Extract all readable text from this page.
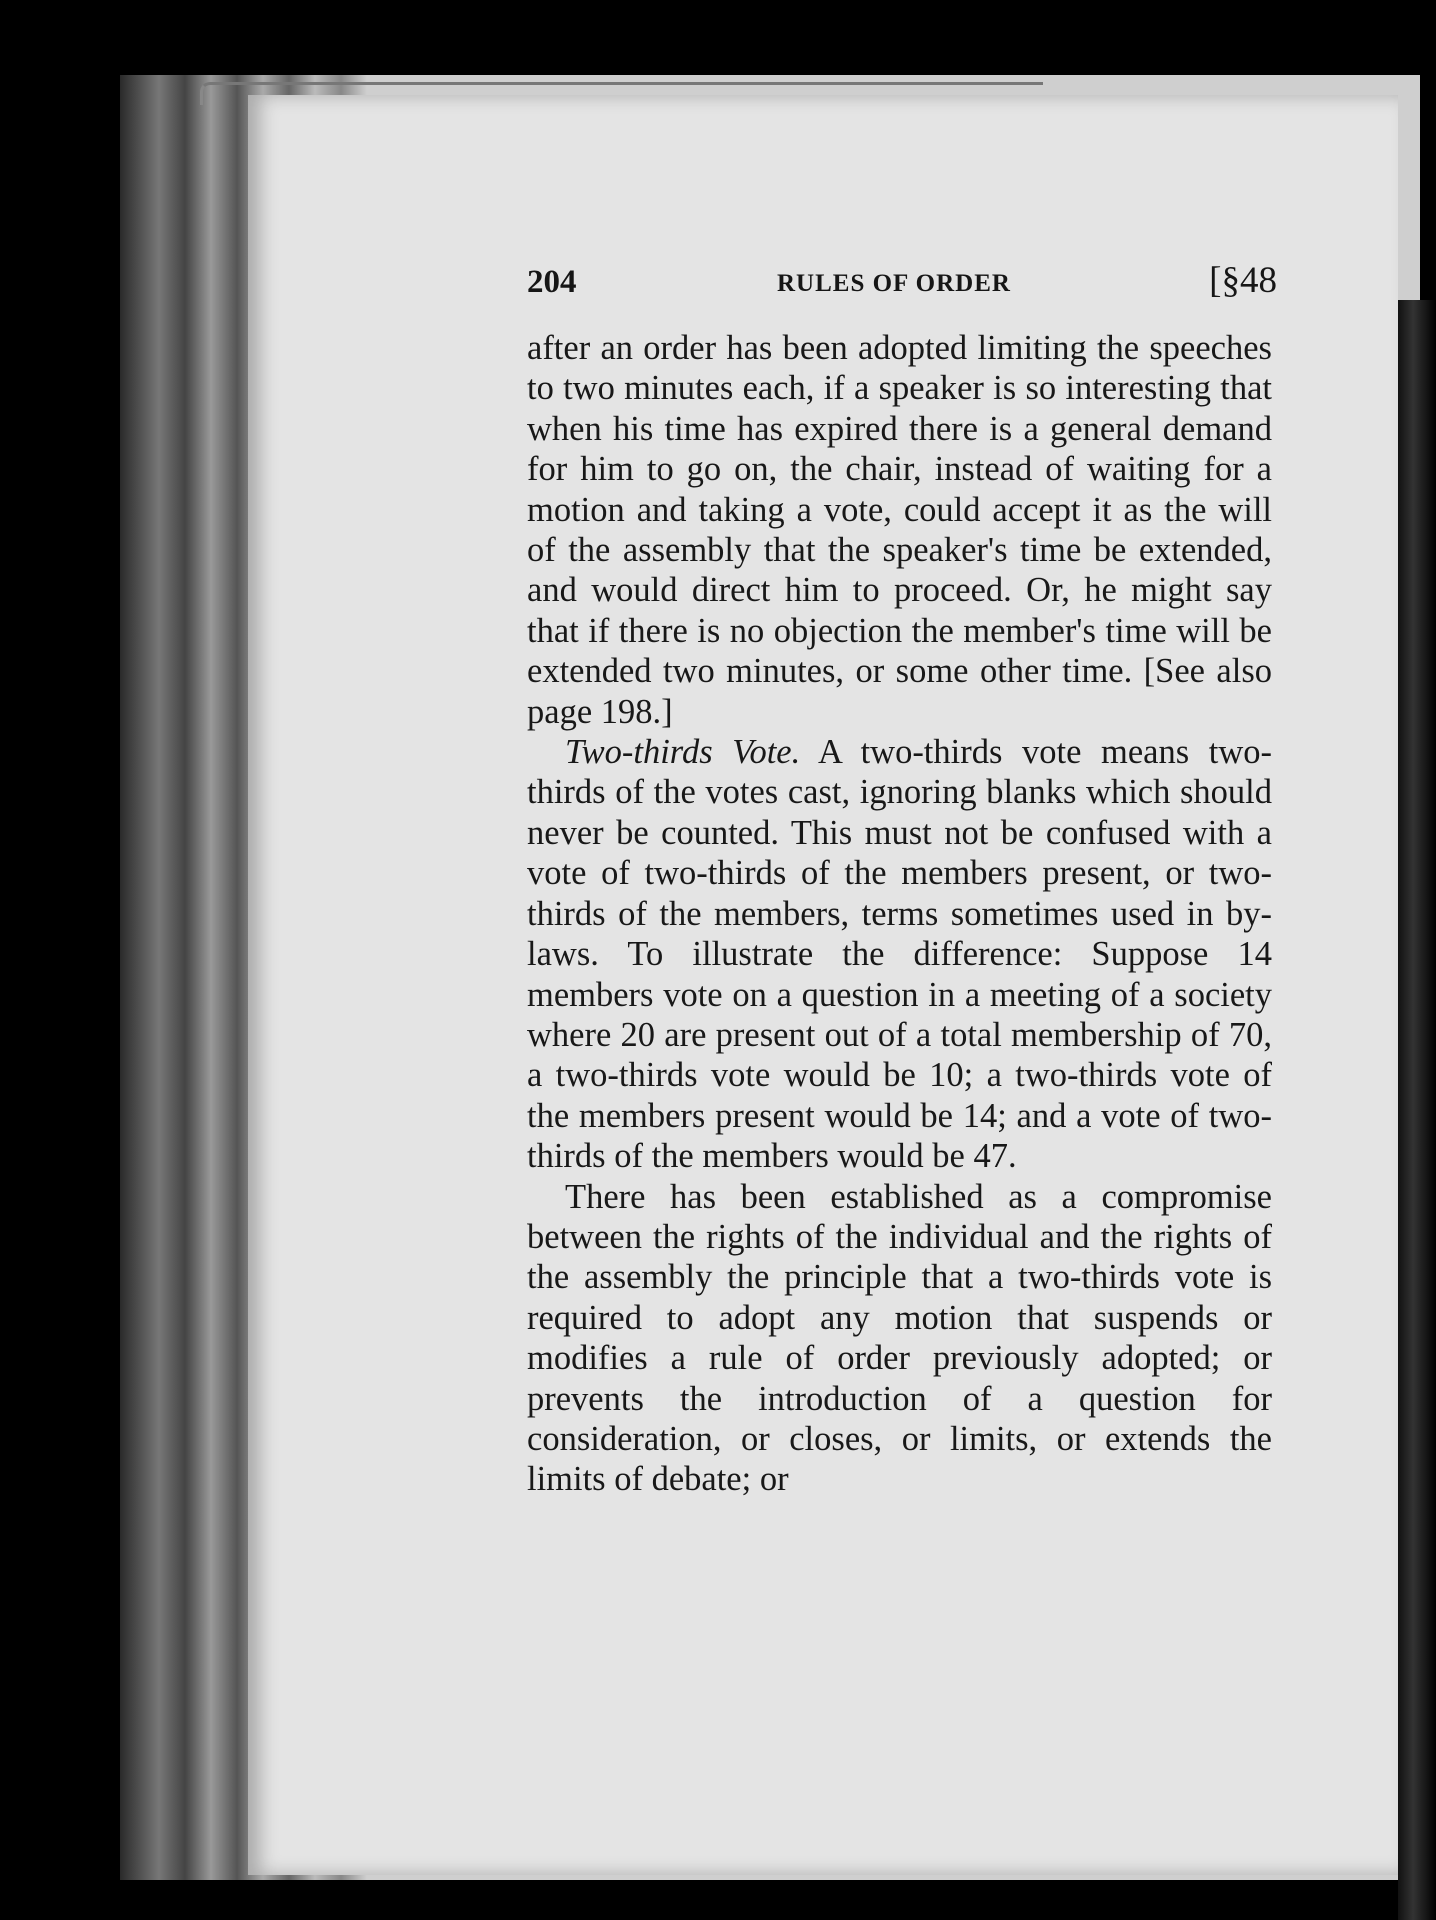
204	RULES OF ORDER	[§48

after an order has been adopted limiting the speeches to two minutes each, if a speaker is so interesting that when his time has expired there is a general demand for him to go on, the chair, instead of waiting for a motion and taking a vote, could accept it as the will of the assembly that the speaker's time be extended, and would direct him to proceed. Or, he might say that if there is no objection the member's time will be extended two minutes, or some other time. [See also page 198.]

Two-thirds Vote. A two-thirds vote means two-thirds of the votes cast, ignoring blanks which should never be counted. This must not be confused with a vote of two-thirds of the members present, or two-thirds of the members, terms sometimes used in by-laws. To illustrate the difference: Suppose 14 members vote on a question in a meeting of a society where 20 are present out of a total membership of 70, a two-thirds vote would be 10; a two-thirds vote of the members present would be 14; and a vote of two-thirds of the members would be 47.

There has been established as a compromise between the rights of the individual and the rights of the assembly the principle that a two-thirds vote is required to adopt any motion that suspends or modifies a rule of order previously adopted; or prevents the introduction of a question for consideration, or closes, or limits, or extends the limits of debate; or
